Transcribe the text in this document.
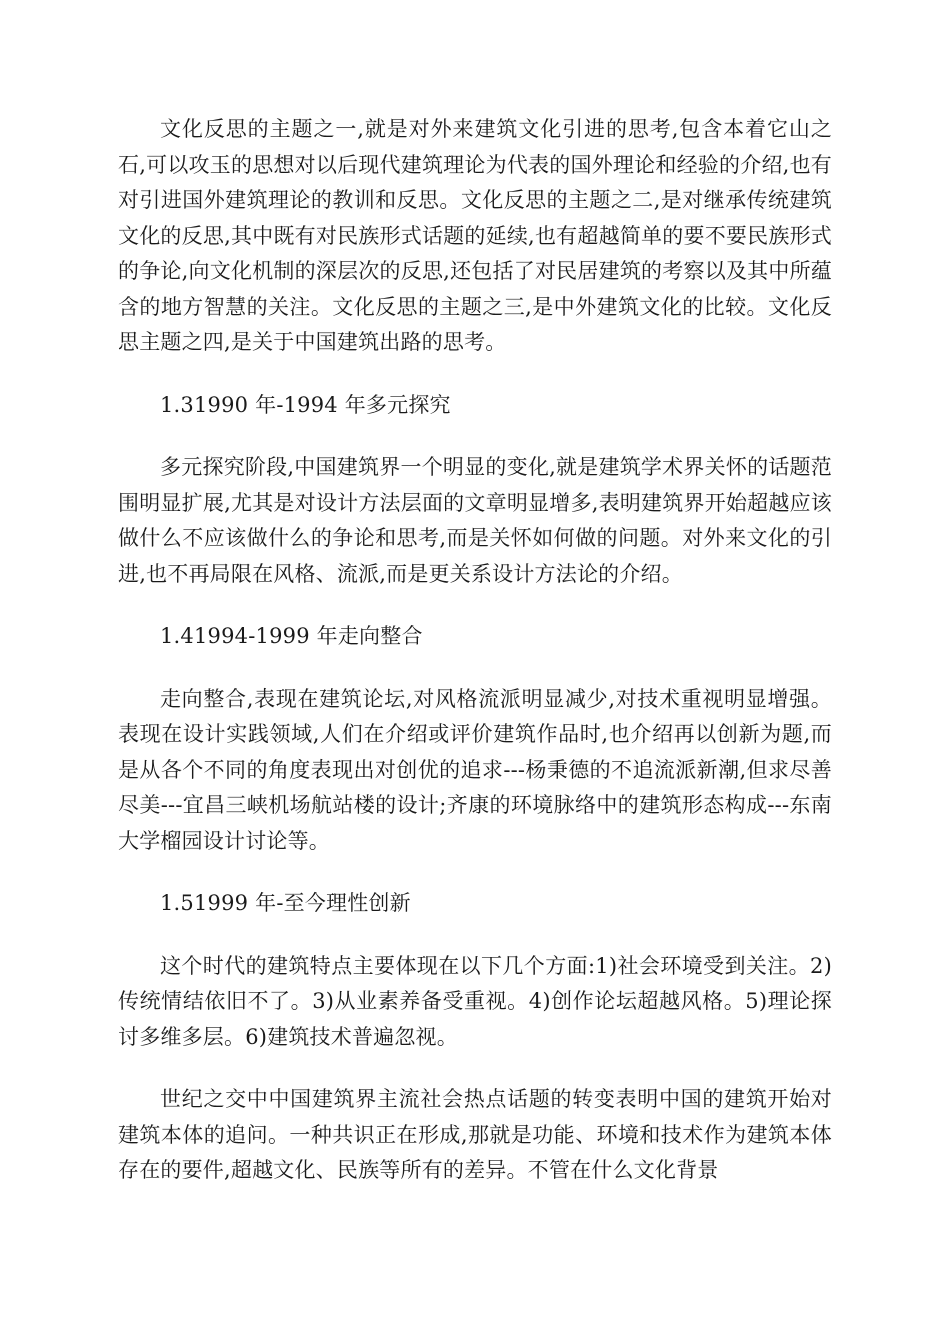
文化反思的主题之一,就是对外来建筑文化引进的思考,包含本着它山之石,可以攻玉的思想对以后现代建筑理论为代表的国外理论和经验的介绍,也有对引进国外建筑理论的教训和反思。文化反思的主题之二,是对继承传统建筑文化的反思,其中既有对民族形式话题的延续,也有超越简单的要不要民族形式的争论,向文化机制的深层次的反思,还包括了对民居建筑的考察以及其中所蕴含的地方智慧的关注。文化反思的主题之三,是中外建筑文化的比较。文化反思主题之四,是关于中国建筑出路的思考。

1.31990 年-1994 年多元探究

多元探究阶段,中国建筑界一个明显的变化,就是建筑学术界关怀的话题范围明显扩展,尤其是对设计方法层面的文章明显增多,表明建筑界开始超越应该做什么不应该做什么的争论和思考,而是关怀如何做的问题。对外来文化的引进,也不再局限在风格、流派,而是更关系设计方法论的介绍。

1.41994-1999 年走向整合

走向整合,表现在建筑论坛,对风格流派明显减少,对技术重视明显增强。表现在设计实践领域,人们在介绍或评价建筑作品时,也介绍再以创新为题,而是从各个不同的角度表现出对创优的追求---杨秉德的不追流派新潮,但求尽善尽美---宜昌三峡机场航站楼的设计;齐康的环境脉络中的建筑形态构成---东南大学榴园设计讨论等。

1.51999 年-至今理性创新

这个时代的建筑特点主要体现在以下几个方面:1)社会环境受到关注。2)传统情结依旧不了。3)从业素养备受重视。4)创作论坛超越风格。5)理论探讨多维多层。6)建筑技术普遍忽视。

世纪之交中中国建筑界主流社会热点话题的转变表明中国的建筑开始对建筑本体的追问。一种共识正在形成,那就是功能、环境和技术作为建筑本体存在的要件,超越文化、民族等所有的差异。不管在什么文化背景
